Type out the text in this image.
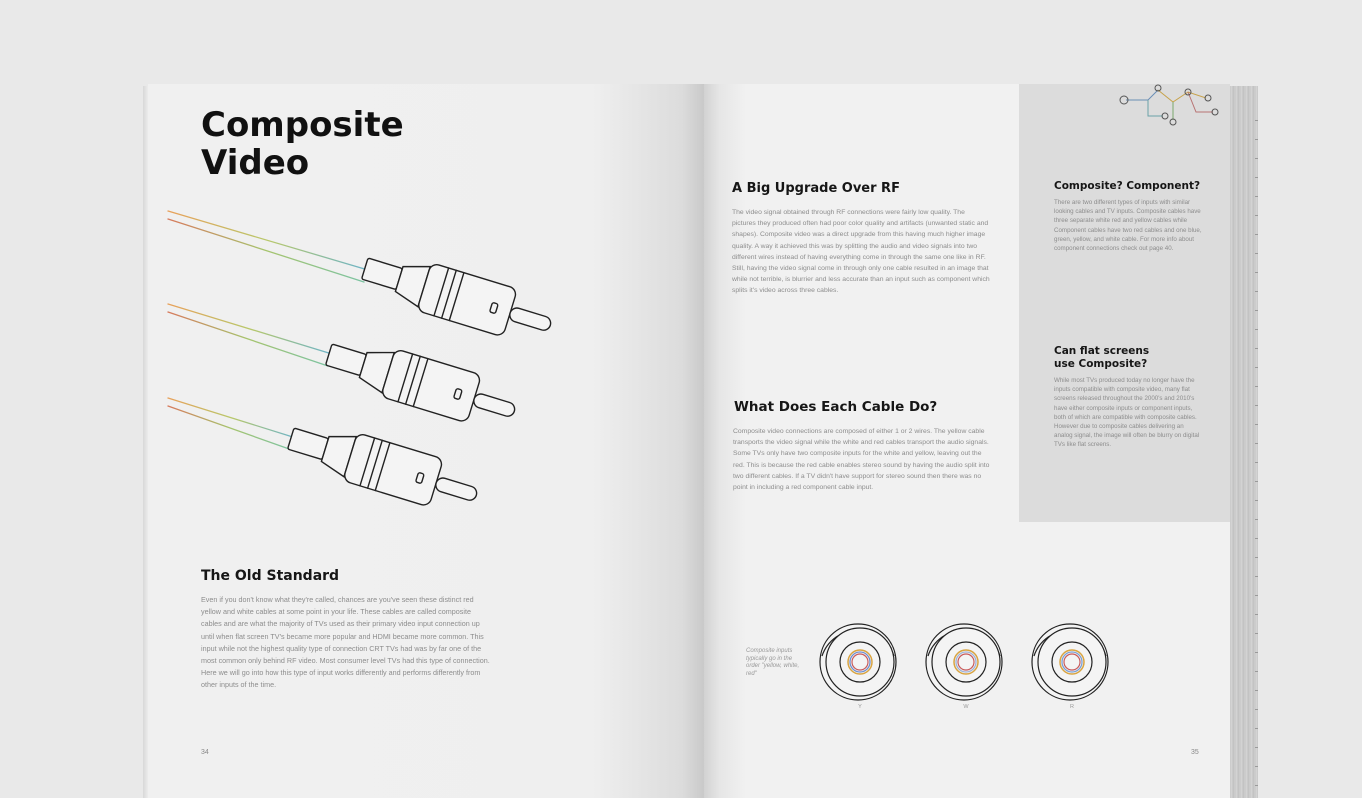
Composite
Video
The Old Standard
Even if you don't know what they're called, chances are you've seen these distinct red yellow and white cables at some point in your life. These cables are called composite cables and are what the majority of TVs used as their primary video input connection up until when flat screen TV's became more popular and HDMI became more common. This input while not the highest quality type of connection CRT TVs had was by far one of the most common only behind RF video. Most consumer level TVs had this type of connection. Here we will go into how this type of input works differently and performs differently from other inputs of the time.
34
A Big Upgrade Over RF
The video signal obtained through RF connections were fairly low quality. The pictures they produced often had poor color quality and artifacts (unwanted static and shapes). Composite video was a direct upgrade from this having much higher image quality. A way it achieved this was by splitting the audio and video signals into two different wires instead of having everything come in through the same one like in RF. Still, having the video signal come in through only one cable resulted in an image that while not terrible, is blurrier and less accurate than an input such as component which splits it's video across three cables.
What Does Each Cable Do?
Composite video connections are composed of either 1 or 2 wires. The yellow cable transports the video signal while the white and red cables transport the audio signals. Some TVs only have two composite inputs for the white and yellow, leaving out the red. This is because the red cable enables stereo sound by having the audio split into two different cables. If a TV didn't have support for stereo sound then there was no point in including a red component cable input.
Composite? Component?
There are two different types of inputs with similar looking cables and TV inputs. Composite cables have three separate white red and yellow cables while Component cables have two red cables and one blue, green, yellow, and white cable. For more info about component connections check out page 40.
Can flat screens
use Composite?
While most TVs produced today no longer have the inputs compatible with composite video, many flat screens released throughout the 2000's and 2010's have either composite inputs or component inputs, both of which are compatible with composite cables. However due to composite cables delivering an analog signal, the image will often be blurry on digital TVs like flat screens.
Composite inputs typically go in the order "yellow, white, red"
Y	W	R
35
